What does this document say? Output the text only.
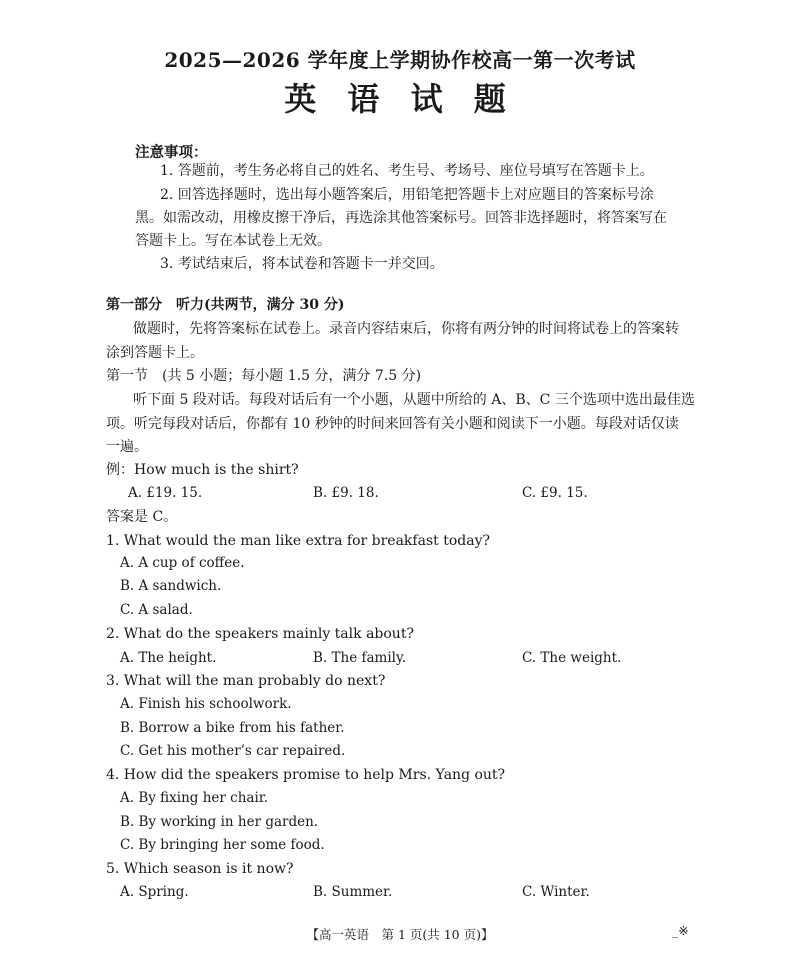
2025—2026 学年度上学期协作校高一第一次考试
英 语 试 题
注意事项：
1. 答题前，考生务必将自己的姓名、考生号、考场号、座位号填写在答题卡上。
2. 回答选择题时，选出每小题答案后，用铅笔把答题卡上对应题目的答案标号涂
黑。如需改动，用橡皮擦干净后，再选涂其他答案标号。回答非选择题时，将答案写在
答题卡上。写在本试卷上无效。
3. 考试结束后，将本试卷和答题卡一并交回。
第一部分　听力(共两节，满分 30 分)
做题时，先将答案标在试卷上。录音内容结束后，你将有两分钟的时间将试卷上的答案转
涂到答题卡上。
第一节　(共 5 小题；每小题 1.5 分，满分 7.5 分)
听下面 5 段对话。每段对话后有一个小题，从题中所给的 A、B、C 三个选项中选出最佳选
项。听完每段对话后，你都有 10 秒钟的时间来回答有关小题和阅读下一小题。每段对话仅读
一遍。
例：How much is the shirt?
A. £19. 15.	B. £9. 18.	C. £9. 15.
答案是 C。
1. What would the man like extra for breakfast today?
A. A cup of coffee.
B. A sandwich.
C. A salad.
2. What do the speakers mainly talk about?
A. The height.	B. The family.	C. The weight.
3. What will the man probably do next?
A. Finish his schoolwork.
B. Borrow a bike from his father.
C. Get his mother’s car repaired.
4. How did the speakers promise to help Mrs. Yang out?
A. By fixing her chair.
B. By working in her garden.
C. By bringing her some food.
5. Which season is it now?
A. Spring.	B. Summer.	C. Winter.
【高一英语　第 1 页(共 10 页)】	_※
